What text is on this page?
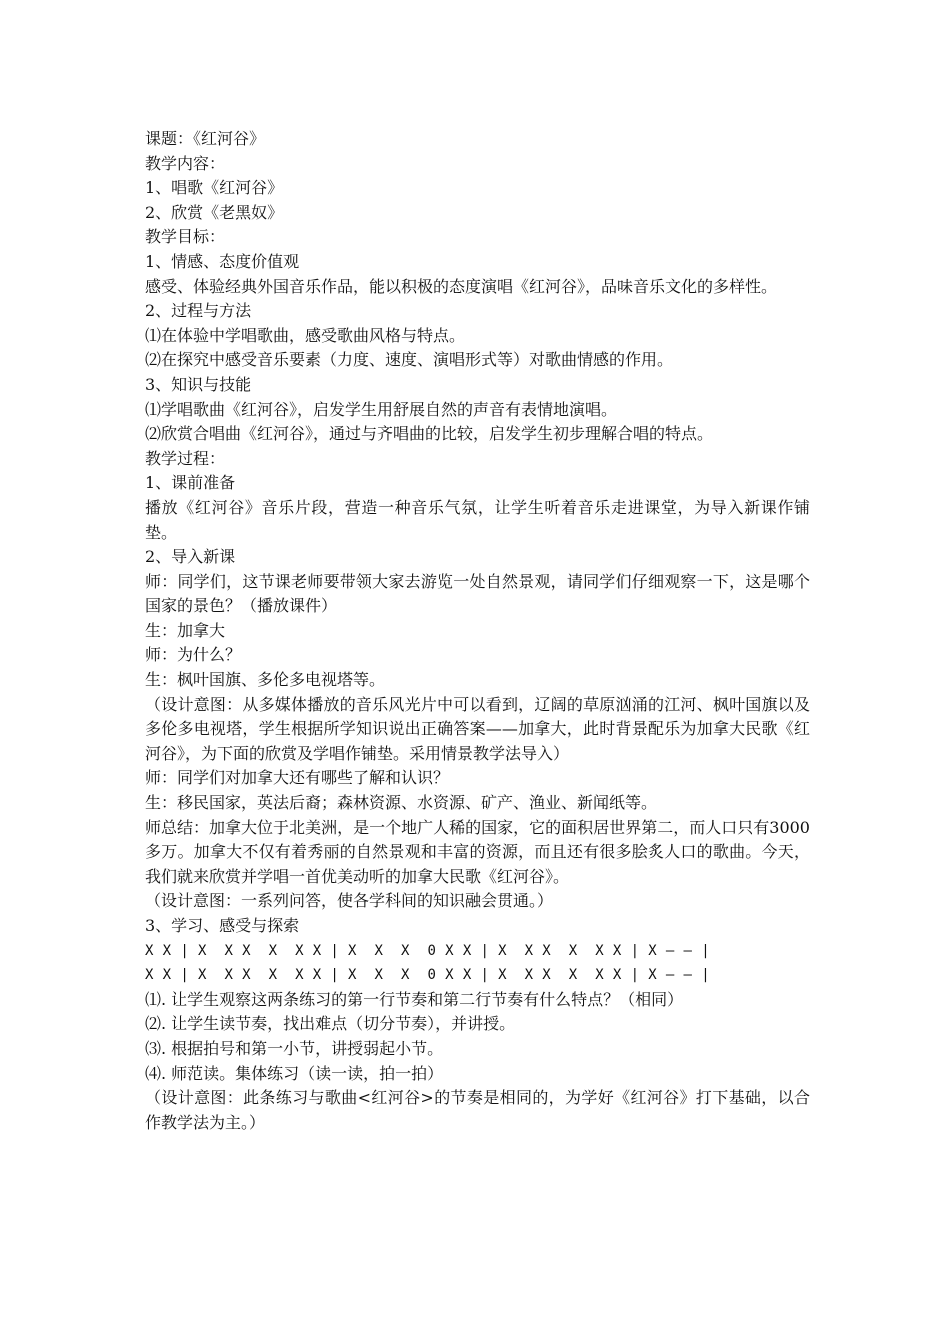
课题：《红河谷》
教学内容：
1、唱歌《红河谷》
2、欣赏《老黑奴》
教学目标：
1、情感、态度价值观
感受、体验经典外国音乐作品，能以积极的态度演唱《红河谷》，品味音乐文化的多样性。
2、过程与方法
⑴在体验中学唱歌曲，感受歌曲风格与特点。
⑵在探究中感受音乐要素（力度、速度、演唱形式等）对歌曲情感的作用。
3、知识与技能
⑴学唱歌曲《红河谷》，启发学生用舒展自然的声音有表情地演唱。
⑵欣赏合唱曲《红河谷》，通过与齐唱曲的比较，启发学生初步理解合唱的特点。
教学过程：
1、课前准备
播放《红河谷》音乐片段，营造一种音乐气氛，让学生听着音乐走进课堂，为导入新课作铺垫。
2、导入新课
师：同学们，这节课老师要带领大家去游览一处自然景观，请同学们仔细观察一下，这是哪个国家的景色？（播放课件）
生：加拿大
师：为什么？
生：枫叶国旗、多伦多电视塔等。
（设计意图：从多媒体播放的音乐风光片中可以看到，辽阔的草原汹涌的江河、枫叶国旗以及多伦多电视塔，学生根据所学知识说出正确答案——加拿大，此时背景配乐为加拿大民歌《红河谷》，为下面的欣赏及学唱作铺垫。采用情景教学法导入）
师：同学们对加拿大还有哪些了解和认识？
生：移民国家，英法后裔；森林资源、水资源、矿产、渔业、新闻纸等。
师总结：加拿大位于北美洲，是一个地广人稀的国家，它的面积居世界第二，而人口只有3000多万。加拿大不仅有着秀丽的自然景观和丰富的资源，而且还有很多脍炙人口的歌曲。今天，我们就来欣赏并学唱一首优美动听的加拿大民歌《红河谷》。
（设计意图：一系列问答，使各学科间的知识融会贯通。）
3、学习、感受与探索
X X | X  X X  X  X X | X  X  X  0 X X | X  X X  X  X X | X — — |
X X | X  X X  X  X X | X  X  X  0 X X | X  X X  X  X X | X — — |
⑴. 让学生观察这两条练习的第一行节奏和第二行节奏有什么特点？（相同）
⑵. 让学生读节奏，找出难点（切分节奏），并讲授。
⑶. 根据拍号和第一小节，讲授弱起小节。
⑷. 师范读。集体练习（读一读，拍一拍）
（设计意图：此条练习与歌曲<红河谷>的节奏是相同的，为学好《红河谷》打下基础，以合作教学法为主。）
